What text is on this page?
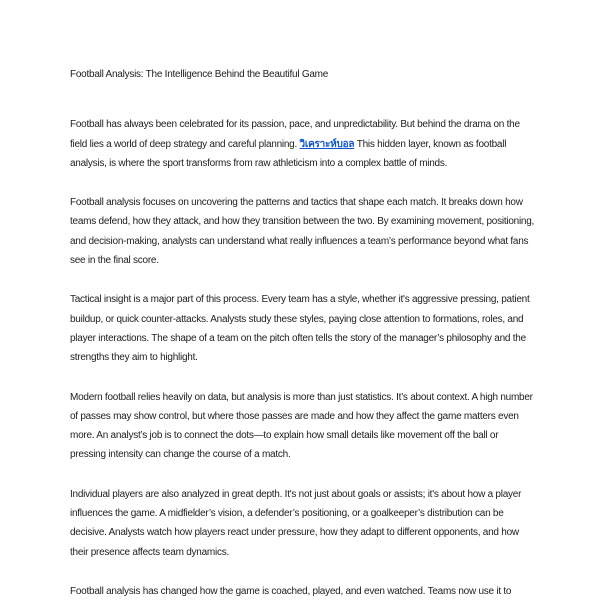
Football Analysis: The Intelligence Behind the Beautiful Game

Football has always been celebrated for its passion, pace, and unpredictability. But behind the drama on the field lies a world of deep strategy and careful planning. วิเคราะห์บอล This hidden layer, known as football analysis, is where the sport transforms from raw athleticism into a complex battle of minds.

Football analysis focuses on uncovering the patterns and tactics that shape each match. It breaks down how teams defend, how they attack, and how they transition between the two. By examining movement, positioning, and decision-making, analysts can understand what really influences a team’s performance beyond what fans see in the final score.

Tactical insight is a major part of this process. Every team has a style, whether it's aggressive pressing, patient buildup, or quick counter-attacks. Analysts study these styles, paying close attention to formations, roles, and player interactions. The shape of a team on the pitch often tells the story of the manager’s philosophy and the strengths they aim to highlight.

Modern football relies heavily on data, but analysis is more than just statistics. It’s about context. A high number of passes may show control, but where those passes are made and how they affect the game matters even more. An analyst’s job is to connect the dots—to explain how small details like movement off the ball or pressing intensity can change the course of a match.

Individual players are also analyzed in great depth. It's not just about goals or assists; it's about how a player influences the game. A midfielder’s vision, a defender’s positioning, or a goalkeeper’s distribution can be decisive. Analysts watch how players react under pressure, how they adapt to different opponents, and how their presence affects team dynamics.

Football analysis has changed how the game is coached, played, and even watched. Teams now use it to
